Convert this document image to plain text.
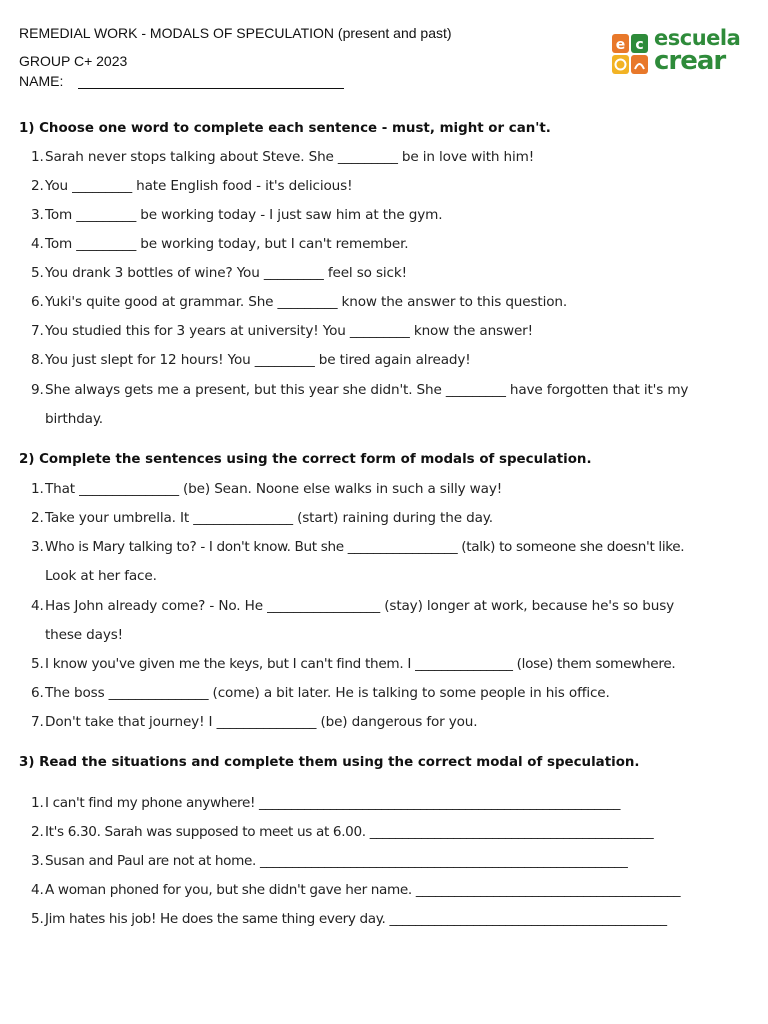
REMEDIAL WORK - MODALS OF SPECULATION (present and past)
GROUP C+ 2023
NAME:
e c escuela
crear
1) Choose one word to complete each sentence - must, might or can't.
1. Sarah never stops talking about Steve. She _________ be in love with him!
2. You _________ hate English food - it's delicious!
3. Tom _________ be working today - I just saw him at the gym.
4. Tom _________ be working today, but I can't remember.
5. You drank 3 bottles of wine? You _________ feel so sick!
6. Yuki's quite good at grammar. She _________ know the answer to this question.
7. You studied this for 3 years at university! You _________ know the answer!
8. You just slept for 12 hours! You _________ be tired again already!
9. She always gets me a present, but this year she didn't. She _________ have forgotten that it's my
birthday.
2) Complete the sentences using the correct form of modals of speculation.
1. That _______________ (be) Sean. Noone else walks in such a silly way!
2. Take your umbrella. It _______________ (start) raining during the day.
3. Who is Mary talking to? - I don't know. But she _________________ (talk) to someone she doesn't like.
Look at her face.
4. Has John already come? - No. He _________________ (stay) longer at work, because he's so busy
these days!
5. I know you've given me the keys, but I can't find them. I _______________ (lose) them somewhere.
6. The boss _______________ (come) a bit later. He is talking to some people in his office.
7. Don't take that journey! I _______________ (be) dangerous for you.
3) Read the situations and complete them using the correct modal of speculation.
1. I can't find my phone anywhere! ________________________________________________________
2. It's 6.30. Sarah was supposed to meet us at 6.00. ____________________________________________
3. Susan and Paul are not at home. _________________________________________________________
4. A woman phoned for you, but she didn't gave her name. _________________________________________
5. Jim hates his job! He does the same thing every day. ___________________________________________
